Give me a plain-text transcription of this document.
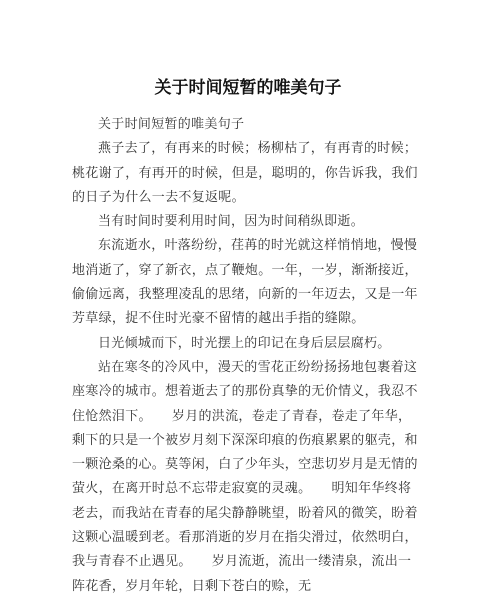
关于时间短暂的唯美句子

关于时间短暂的唯美句子

燕子去了，有再来的时候；杨柳枯了，有再青的时候；桃花谢了，有再开的时候，但是，聪明的，你告诉我，我们的日子为什么一去不复返呢。

当有时间时要利用时间，因为时间稍纵即逝。

东流逝水，叶落纷纷，荏苒的时光就这样悄悄地，慢慢地消逝了，穿了新衣，点了鞭炮。一年，一岁，渐渐接近，偷偷远离，我整理凌乱的思绪，向新的一年迈去，又是一年芳草绿，捉不住时光豪不留情的越出手指的缝隙。

日光倾城而下，时光摆上的印记在身后层层腐朽。

站在寒冬的冷风中，漫天的雪花正纷纷扬扬地包裹着这座寒冷的城市。想着逝去了的那份真挚的无价情义，我忍不住怆然泪下。　　岁月的洪流，卷走了青春，卷走了年华，剩下的只是一个被岁月刻下深深印痕的伤痕累累的躯壳，和一颗沧桑的心。莫等闲，白了少年头，空悲切岁月是无情的萤火，在离开时总不忘带走寂寞的灵魂。　　明知年华终将老去，而我站在青春的尾尖静静眺望，盼着风的微笑，盼着这颗心温暖到老。看那消逝的岁月在指尖滑过，依然明白，我与青春不止遇见。　　岁月流逝，流出一缕清泉，流出一阵花香，岁月年轮，日剩下苍白的赊，无
